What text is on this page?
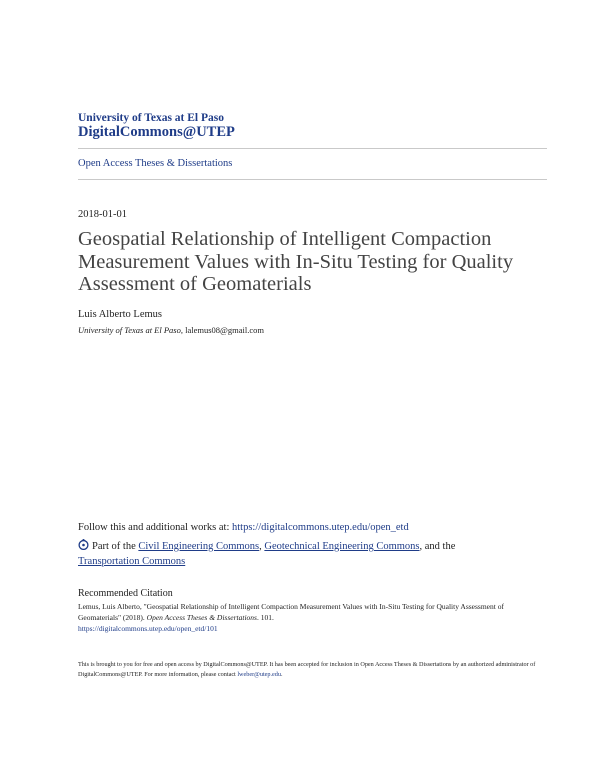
University of Texas at El Paso
DigitalCommons@UTEP
Open Access Theses & Dissertations
2018-01-01
Geospatial Relationship of Intelligent Compaction Measurement Values with In-Situ Testing for Quality Assessment of Geomaterials
Luis Alberto Lemus
University of Texas at El Paso, lalemus08@gmail.com
Follow this and additional works at: https://digitalcommons.utep.edu/open_etd
Part of the Civil Engineering Commons, Geotechnical Engineering Commons, and the
Transportation Commons
Recommended Citation
Lemus, Luis Alberto, "Geospatial Relationship of Intelligent Compaction Measurement Values with In-Situ Testing for Quality Assessment of Geomaterials" (2018). Open Access Theses & Dissertations. 101.
https://digitalcommons.utep.edu/open_etd/101
This is brought to you for free and open access by DigitalCommons@UTEP. It has been accepted for inclusion in Open Access Theses & Dissertations by an authorized administrator of DigitalCommons@UTEP. For more information, please contact lweber@utep.edu.
